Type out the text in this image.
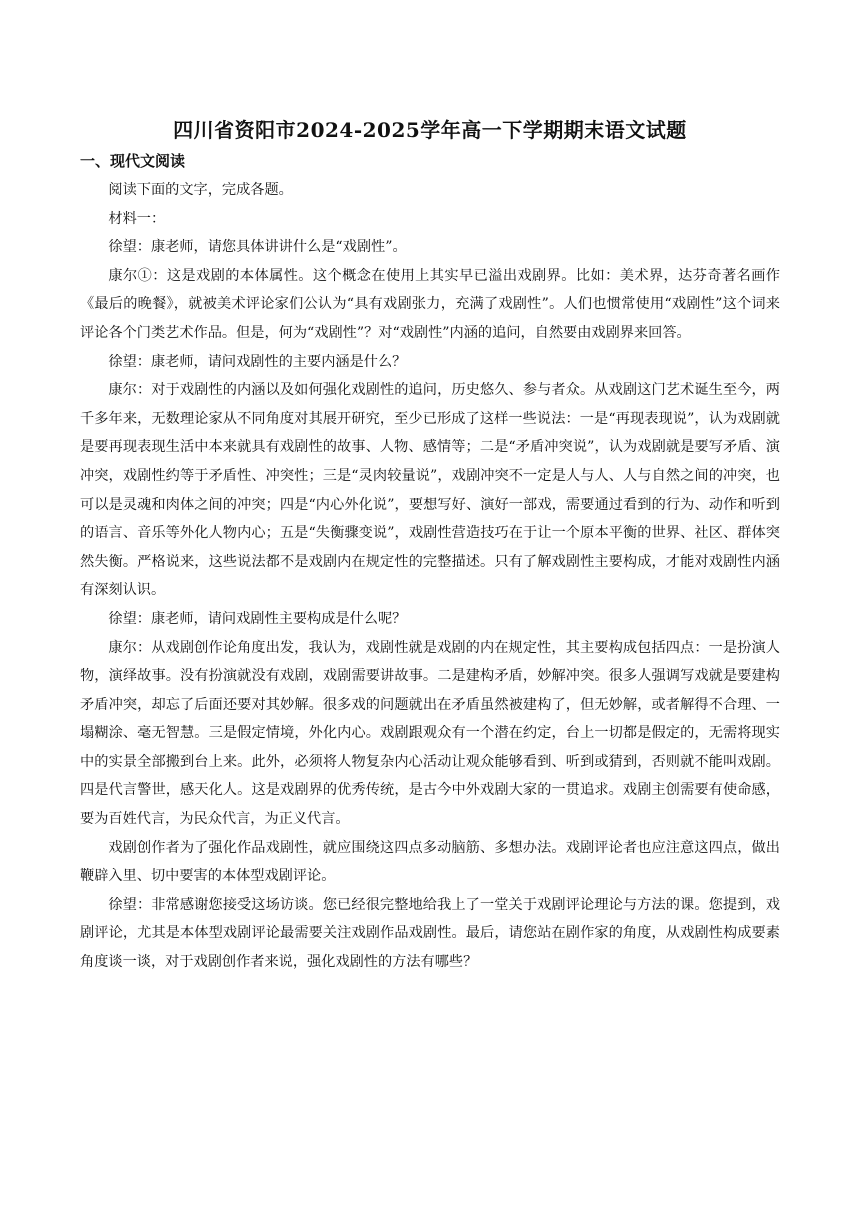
四川省资阳市2024-2025学年高一下学期期末语文试题
一、现代文阅读

阅读下面的文字，完成各题。

材料一：

徐望：康老师，请您具体讲讲什么是“戏剧性”。

康尔①：这是戏剧的本体属性。这个概念在使用上其实早已溢出戏剧界。比如：美术界，达芬奇著名画作《最后的晚餐》，就被美术评论家们公认为“具有戏剧张力，充满了戏剧性”。人们也惯常使用“戏剧性”这个词来评论各个门类艺术作品。但是，何为“戏剧性”？对“戏剧性”内涵的追问，自然要由戏剧界来回答。

徐望：康老师，请问戏剧性的主要内涵是什么？

康尔：对于戏剧性的内涵以及如何强化戏剧性的追问，历史悠久、参与者众。从戏剧这门艺术诞生至今，两千多年来，无数理论家从不同角度对其展开研究，至少已形成了这样一些说法：一是“再现表现说”，认为戏剧就是要再现表现生活中本来就具有戏剧性的故事、人物、感情等；二是“矛盾冲突说”，认为戏剧就是要写矛盾、演冲突，戏剧性约等于矛盾性、冲突性；三是“灵肉较量说”，戏剧冲突不一定是人与人、人与自然之间的冲突，也可以是灵魂和肉体之间的冲突；四是“内心外化说”，要想写好、演好一部戏，需要通过看到的行为、动作和听到的语言、音乐等外化人物内心；五是“失衡骤变说”，戏剧性营造技巧在于让一个原本平衡的世界、社区、群体突然失衡。严格说来，这些说法都不是戏剧内在规定性的完整描述。只有了解戏剧性主要构成，才能对戏剧性内涵有深刻认识。

徐望：康老师，请问戏剧性主要构成是什么呢？

康尔：从戏剧创作论角度出发，我认为，戏剧性就是戏剧的内在规定性，其主要构成包括四点：一是扮演人物，演绎故事。没有扮演就没有戏剧，戏剧需要讲故事。二是建构矛盾，妙解冲突。很多人强调写戏就是要建构矛盾冲突，却忘了后面还要对其妙解。很多戏的问题就出在矛盾虽然被建构了，但无妙解，或者解得不合理、一塌糊涂、毫无智慧。三是假定情境，外化内心。戏剧跟观众有一个潜在约定，台上一切都是假定的，无需将现实中的实景全部搬到台上来。此外，必须将人物复杂内心活动让观众能够看到、听到或猜到，否则就不能叫戏剧。四是代言警世，感天化人。这是戏剧界的优秀传统，是古今中外戏剧大家的一贯追求。戏剧主创需要有使命感，要为百姓代言，为民众代言，为正义代言。

戏剧创作者为了强化作品戏剧性，就应围绕这四点多动脑筋、多想办法。戏剧评论者也应注意这四点，做出鞭辟入里、切中要害的本体型戏剧评论。

徐望：非常感谢您接受这场访谈。您已经很完整地给我上了一堂关于戏剧评论理论与方法的课。您提到，戏剧评论，尤其是本体型戏剧评论最需要关注戏剧作品戏剧性。最后，请您站在剧作家的角度，从戏剧性构成要素角度谈一谈，对于戏剧创作者来说，强化戏剧性的方法有哪些？
